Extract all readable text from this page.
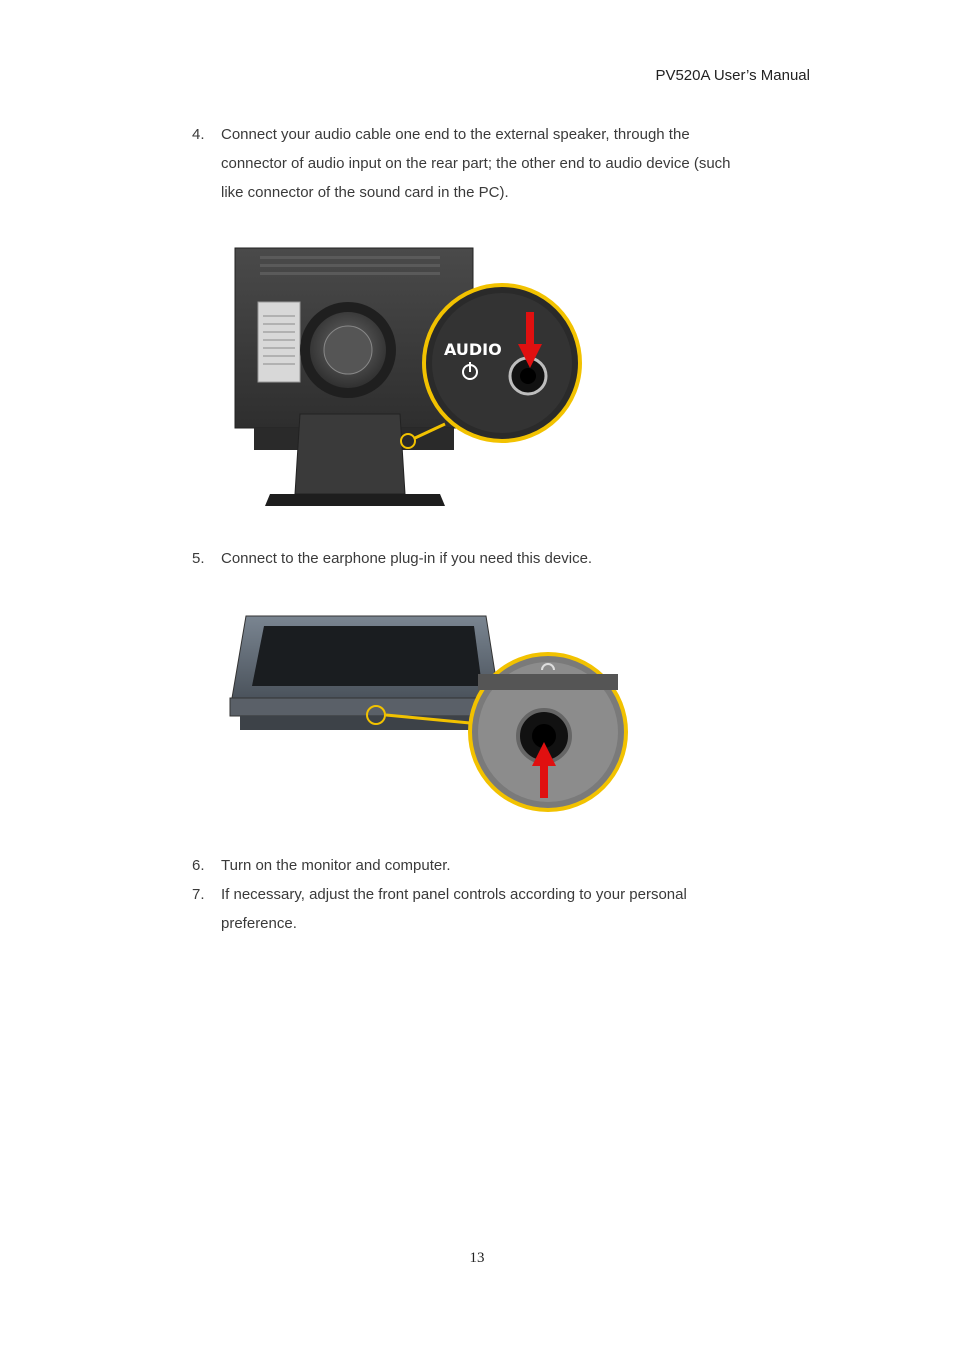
PV520A User’s Manual
4.	Connect your audio cable one end to the external speaker, through the connector of audio input on the rear part; the other end to audio device (such like connector of the sound card in the PC).
AUDIO
5.	Connect to the earphone plug-in if you need this device.
6.	Turn on the monitor and computer.
7.	If necessary, adjust the front panel controls according to your personal preference.
13
